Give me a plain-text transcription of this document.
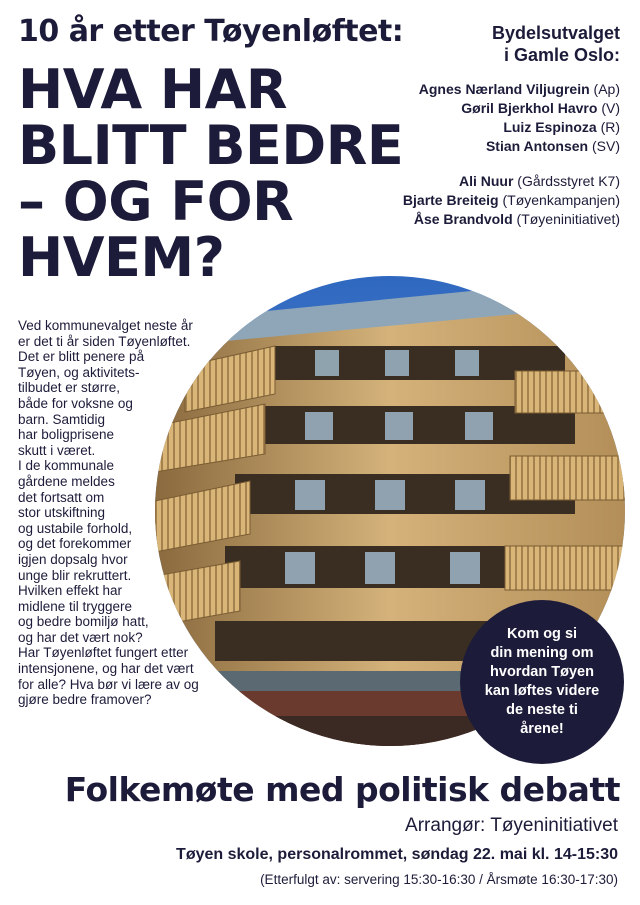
10 år etter Tøyenløftet:
HVA HAR
BLITT BEDRE
– OG FOR
HVEM?
Bydelsutvalget
i Gamle Oslo:
Agnes Nærland Viljugrein (Ap)
Gøril Bjerkhol Havro (V)
Luiz Espinoza (R)
Stian Antonsen (SV)
Ali Nuur (Gårdsstyret K7)
Bjarte Breiteig (Tøyenkampanjen)
Åse Brandvold (Tøyeninitiativet)
Ved kommunevalget neste år
er det ti år siden Tøyenløftet.
Det er blitt penere på
Tøyen, og aktivitets-
tilbudet er større,
både for voksne og
barn. Samtidig
har boligprisene
skutt i været.
I de kommunale
gårdene meldes
det fortsatt om
stor utskiftning
og ustabile forhold,
og det forekommer
igjen dopsalg hvor
unge blir rekruttert.
Hvilken effekt har
midlene til tryggere
og bedre bomiljø hatt,
og har det vært nok?
Har Tøyenløftet fungert etter
intensjonene, og har det vært
for alle? Hva bør vi lære av og
gjøre bedre framover?
Kom og si
din mening om
hvordan Tøyen
kan løftes videre
de neste ti
årene!
Folkemøte med politisk debatt
Arrangør: Tøyeninitiativet
Tøyen skole, personalrommet, søndag 22. mai kl. 14-15:30
(Etterfulgt av: servering 15:30-16:30 / Årsmøte 16:30-17:30)
